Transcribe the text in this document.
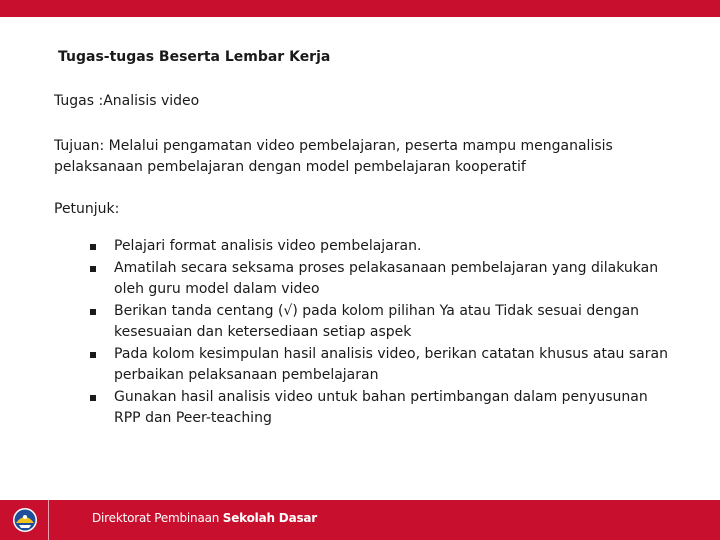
Tugas-tugas Beserta Lembar Kerja

Tugas :Analisis video

Tujuan: Melalui pengamatan video pembelajaran, peserta mampu menganalisis pelaksanaan pembelajaran dengan model pembelajaran kooperatif

Petunjuk:

Pelajari format analisis video pembelajaran.
Amatilah secara seksama proses pelakasanaan pembelajaran yang dilakukan oleh guru model dalam video
Berikan tanda centang (√) pada kolom pilihan Ya atau Tidak sesuai dengan kesesuaian dan ketersediaan setiap aspek
Pada kolom kesimpulan hasil analisis video, berikan catatan khusus atau saran perbaikan pelaksanaan pembelajaran
Gunakan hasil analisis video untuk bahan pertimbangan dalam penyusunan RPP dan Peer-teaching
Direktorat Pembinaan Sekolah Dasar
